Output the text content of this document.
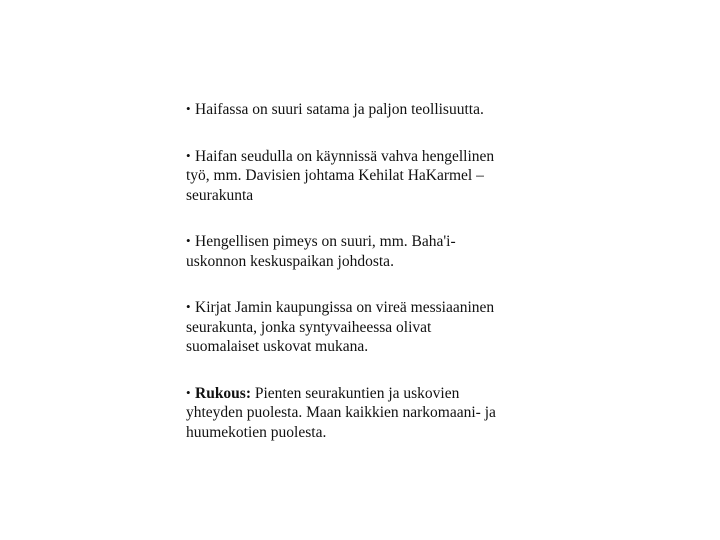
• Haifassa on suuri satama ja paljon teollisuutta.
• Haifan seudulla on käynnissä vahva hengellinen
työ, mm. Davisien johtama Kehilat HaKarmel –
seurakunta
• Hengellisen pimeys on suuri, mm. Baha'i-
uskonnon keskuspaikan johdosta.
• Kirjat Jamin kaupungissa on vireä messiaaninen
seurakunta, jonka syntyvaiheessa olivat
suomalaiset uskovat mukana.
• Rukous: Pienten seurakuntien ja uskovien
yhteyden puolesta. Maan kaikkien narkomaani- ja
huumekotien puolesta.
